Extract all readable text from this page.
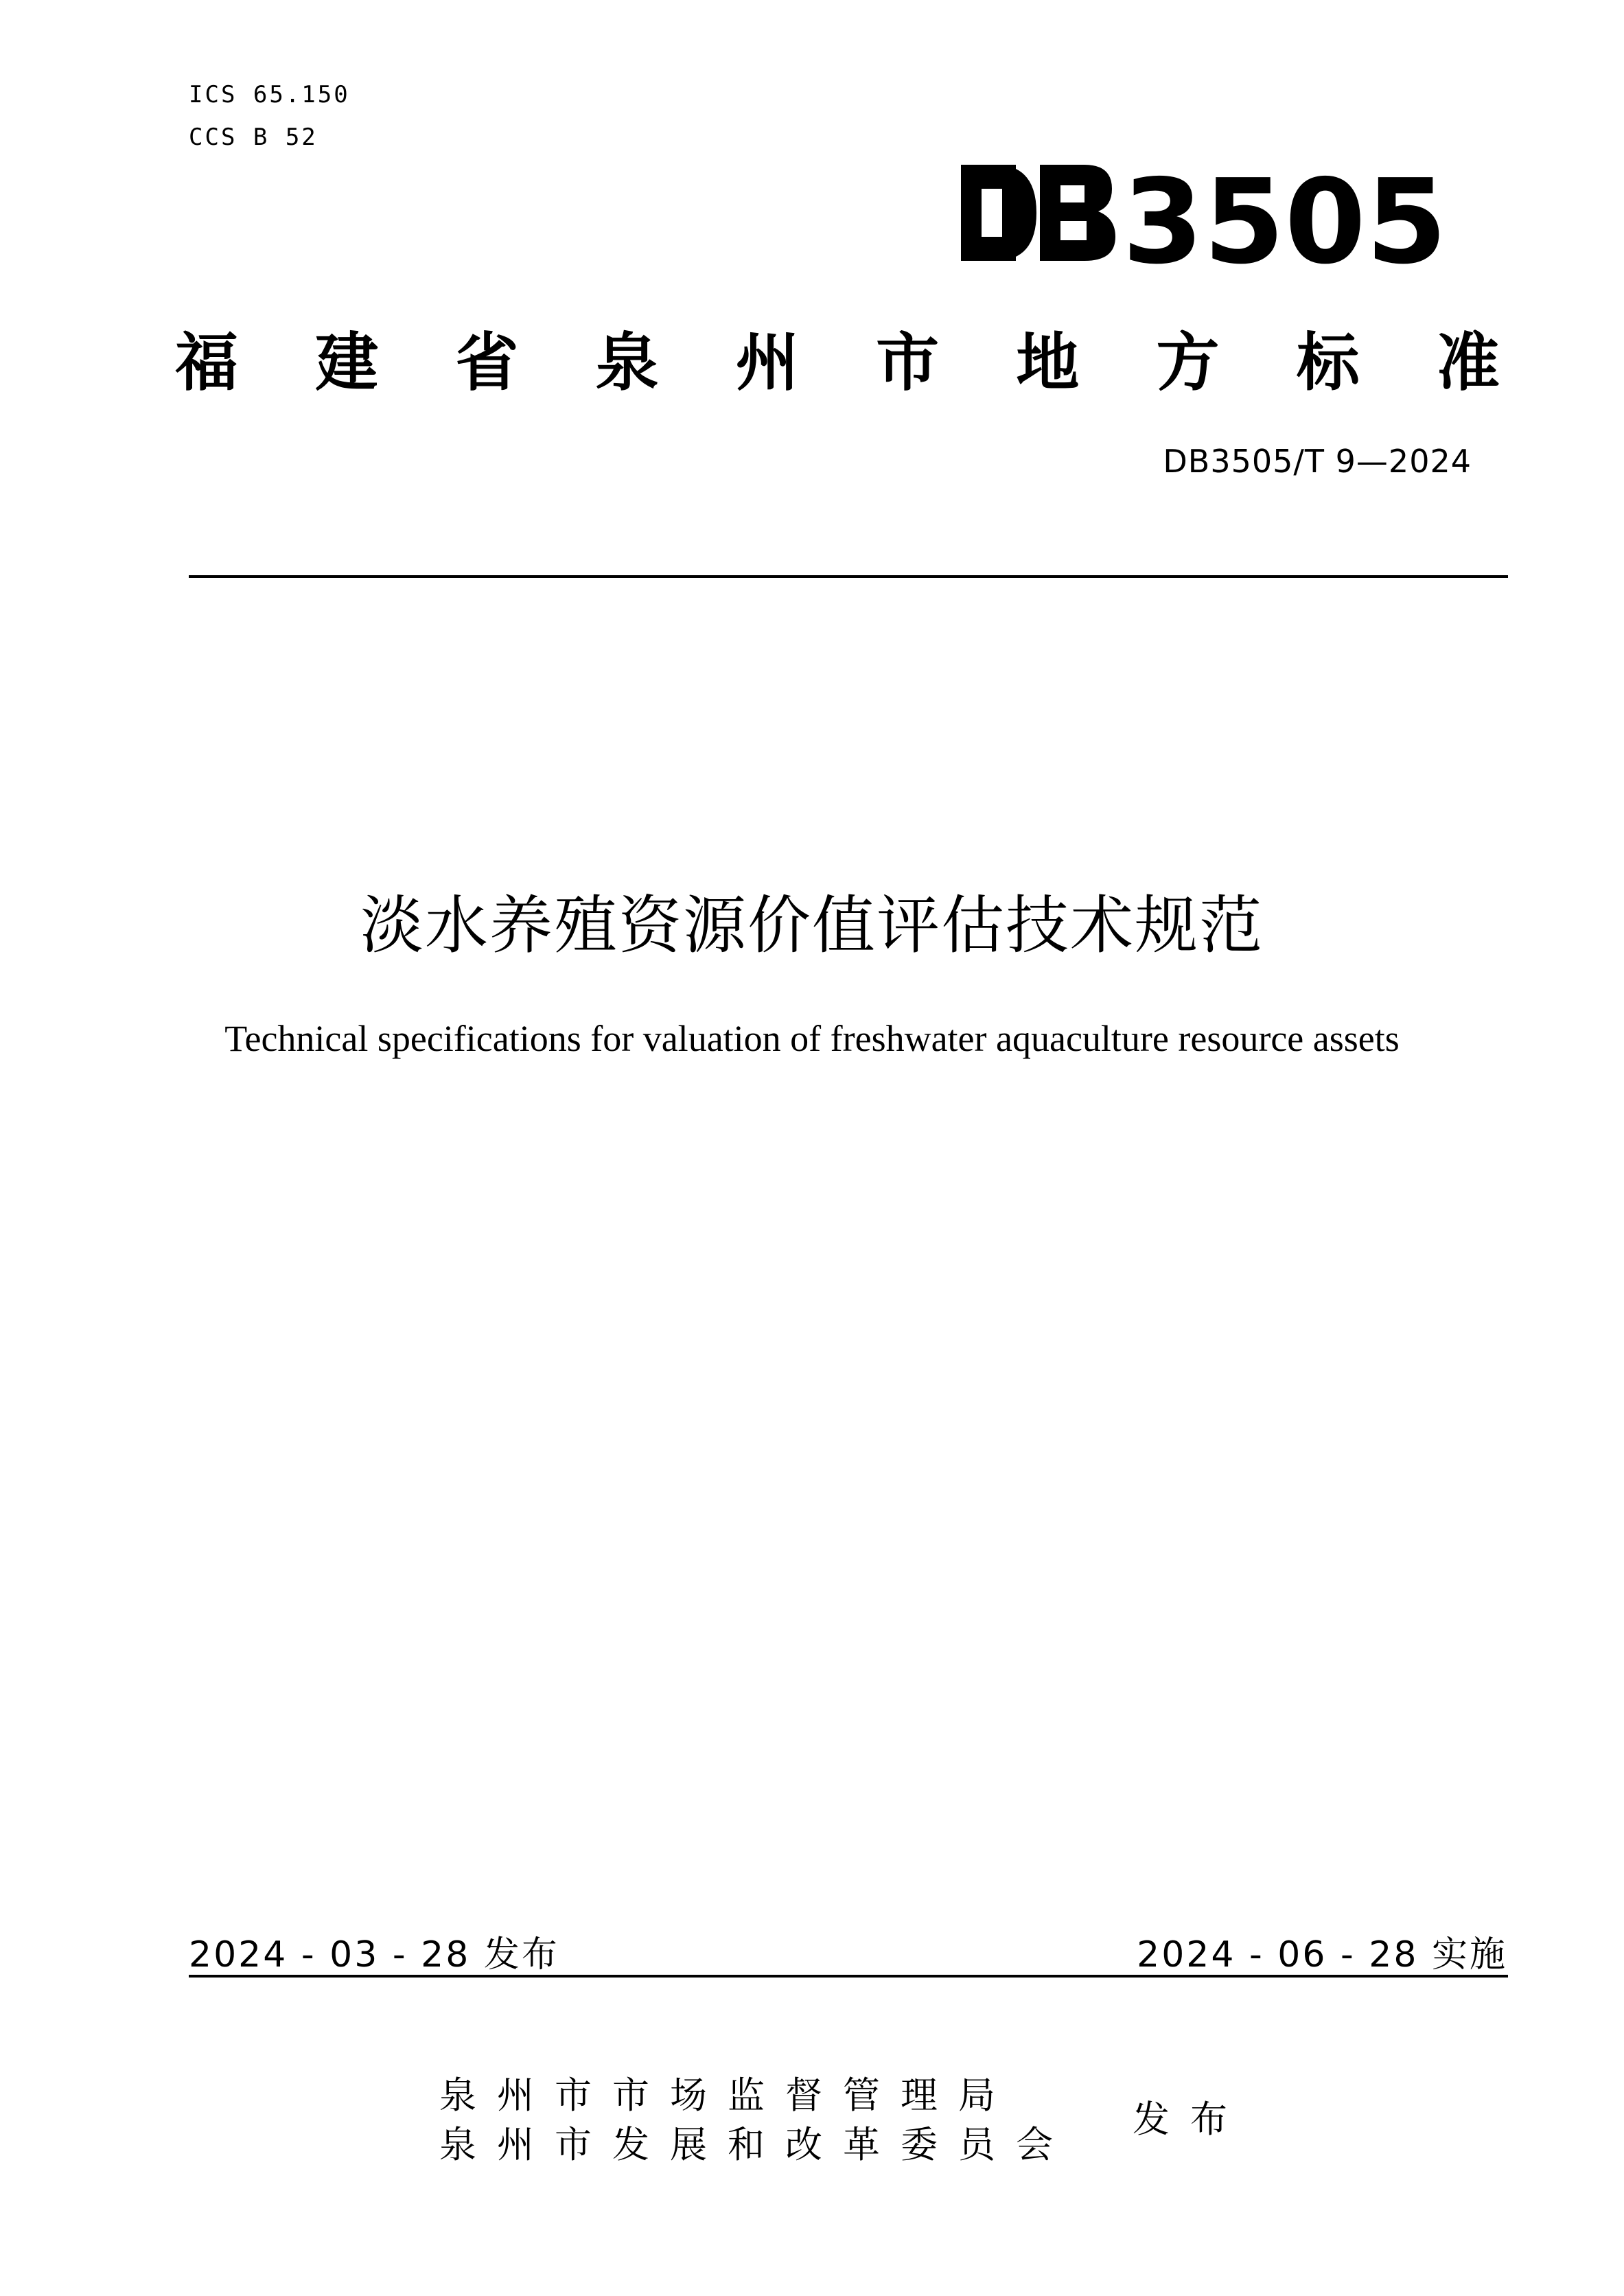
ICS 65.150

CCS B 52

3505
福 建 省 泉 州 市 地 方 标 准

DB3505/T 9—2024

淡水养殖资源价值评估技术规范

Technical specifications for valuation of freshwater aquaculture resource assets

2024 - 03 - 28 发布	2024 - 06 - 28 实施

泉州市市场监督管理局

泉州市发展和改革委员会

发布
